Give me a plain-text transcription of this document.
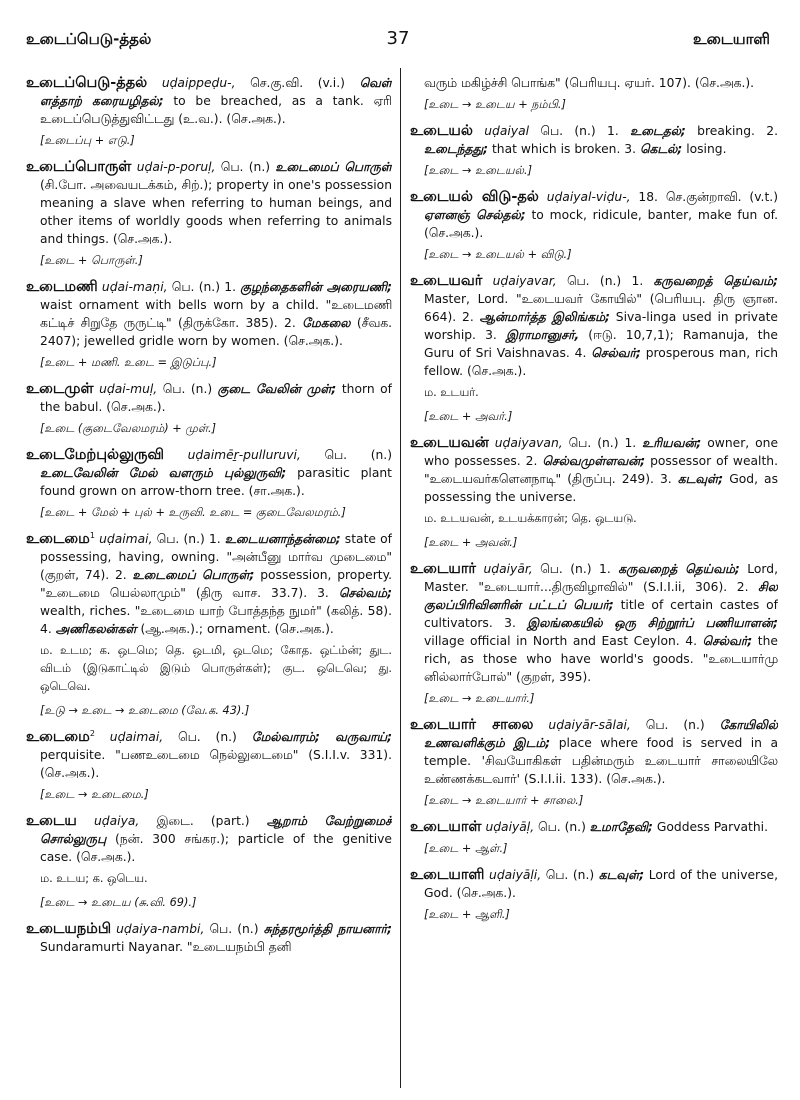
உடைப்பெடு-த்தல்	37	உடையாளி

உடைப்பெடு-த்தல் uḍaippeḍu-, செ.கு.வி. (v.i.) வெள் ளத்தாற் கரையழிதல்; to be breached, as a tank. ஏரி உடைப்பெடுத்துவிட்டது (உ.வ.). (செ.அக.).

[உடைப்பு + எடு.]

உடைப்பொருள் uḍai-p-poruḷ, பெ. (n.) உடைமைப் பொருள் (சி.போ. அவையடக்கம், சிற்.); property in one's possession meaning a slave when referring to human beings, and other items of worldly goods when referring to animals and things. (செ.அக.).

[உடை + பொருள்.]

உடைமணி uḍai-maṇi, பெ. (n.) 1. குழந்தைகளின் அரையணி; waist ornament with bells worn by a child. "உடைமணி கட்டிச் சிறுதே ருருட்டி" (திருக்கோ. 385). 2. மேகலை (சீவக. 2407); jewelled gridle worn by women. (செ.அக.).

[உடை + மணி. உடை = இடுப்பு.]

உடைமுள் uḍai-muḷ, பெ. (n.) குடை வேலின் முள்; thorn of the babul. (செ.அக.).

[உடை (குடைவேலமரம்) + முள்.]

உடைமேற்புல்லுருவி uḍaimēṟ-pulluruvi, பெ. (n.) உடைவேலின் மேல் வளரும் புல்லுருவி; parasitic plant found grown on arrow-thorn tree. (சா.அக.).

[உடை + மேல் + புல் + உருவி. உடை = குடைவேலமரம்.]

உடைமை$^1$ uḍaimai, பெ. (n.) 1. உடையனாந்தன்மை; state of possessing, having, owning. "அன்பீனு மார்வ முடைமை" (குறள், 74). 2. உடைமைப் பொருள்; possession, property. "உடைமை யெல்லாமும்" (திரு வாச. 33.7). 3. செல்வம்; wealth, riches. "உடைமை யாற் போத்தந்த நுமர்" (கலித். 58). 4. அணிகலன்கள் (ஆ.அக.).; ornament. (செ.அக.).

ம. உடம; க. ஒடமெ; தெ. ஒடமி, ஒடமெ; கோத. ஒட்ம்ன்; துட. விடம் (இடுகாட்டில் இடும் பொருள்கள்); குட. ஒடெவெ; து. ஒடெவெ.
[உடு → உடை → உடைமை (வே.க. 43).]

உடைமை$^2$ uḍaimai, பெ. (n.) மேல்வாரம்; வருவாய்; perquisite. "பணஉடைமை நெல்லுடைமை" (S.I.I.v. 331). (செ.அக.).

[உடை → உடைமை.]

உடைய uḍaiya, இடை. (part.) ஆறாம் வேற்றுமைச் சொல்லுருபு (நன். 300 சங்கர.); particle of the genitive case. (செ.அக.).

ம. உடய; க. ஒடெய.
[உடை → உடைய (சு.வி. 69).]

உடையநம்பி uḍaiya-nambi, பெ. (n.) சுந்தரமூர்த்தி நாயனார்; Sundaramurti Nayanar. "உடையநம்பி தனி

வரும் மகிழ்ச்சி பொங்க" (பெரியபு. ஏயர். 107). (செ.அக.).

[உடை → உடைய + நம்பி.]

உடையல் uḍaiyal பெ. (n.) 1. உடைதல்; breaking. 2. உடைந்தது; that which is broken. 3. கெடல்; losing.

[உடை → உடையல்.]

உடையல் விடு-தல் uḍaiyal-viḍu-, 18. செ.குன்றாவி. (v.t.) ஏளனஞ் செல்தல்; to mock, ridicule, banter, make fun of. (செ.அக.).

[உடை → உடையல் + விடு.]

உடையவர் uḍaiyavar, பெ. (n.) 1. கருவறைத் தெய்வம்; Master, Lord. "உடையவர் கோயில்" (பெரியபு. திரு ஞான. 664). 2. ஆன்மார்த்த இலிங்கம்; Siva-linga used in private worship. 3. இராமானுசர், (ஈடு. 10,7,1); Ramanuja, the Guru of Sri Vaishnavas. 4. செல்வர்; prosperous man, rich fellow. (செ.அக.).

ம. உடயர்.
[உடை + அவர்.]

உடையவன் uḍaiyavan, பெ. (n.) 1. உரியவன்; owner, one who possesses. 2. செல்வமுள்ளவன்; possessor of wealth. "உடையவர்களெனநாடி" (திருப்பு. 249). 3. கடவுள்; God, as possessing the universe.

ம. உடயவன், உடயக்காரன்; தெ. ஒடயடு.
[உடை + அவன்.]

உடையார் uḍaiyār, பெ. (n.) 1. கருவறைத் தெய்வம்; Lord, Master. "உடையார்...திருவிழாவில்" (S.I.I.ii, 306). 2. சில குலப்பிரிவினரின் பட்டப் பெயர்; title of certain castes of cultivators. 3. இலங்கையில் ஒரு சிற்றூர்ப் பணியாளன்; village official in North and East Ceylon. 4. செல்வர்; the rich, as those who have world's goods. "உடையார்மு னில்லார்போல்" (குறள், 395).

[உடை → உடையார்.]

உடையார் சாலை uḍaiyār-sālai, பெ. (n.) கோயிலில் உணவளிக்கும் இடம்; place where food is served in a temple. 'சிவயோகிகள் பதின்மரும் உடையார் சாலையிலே உண்ணக்கடவார்' (S.I.I.ii. 133). (செ.அக.).

[உடை → உடையார் + சாலை.]

உடையாள் uḍaiyāḷ, பெ. (n.) உமாதேவி; Goddess Parvathi.

[உடை + ஆள்.]

உடையாளி uḍaiyāḷi, பெ. (n.) கடவுள்; Lord of the universe, God. (செ.அக.).

[உடை + ஆளி.]
